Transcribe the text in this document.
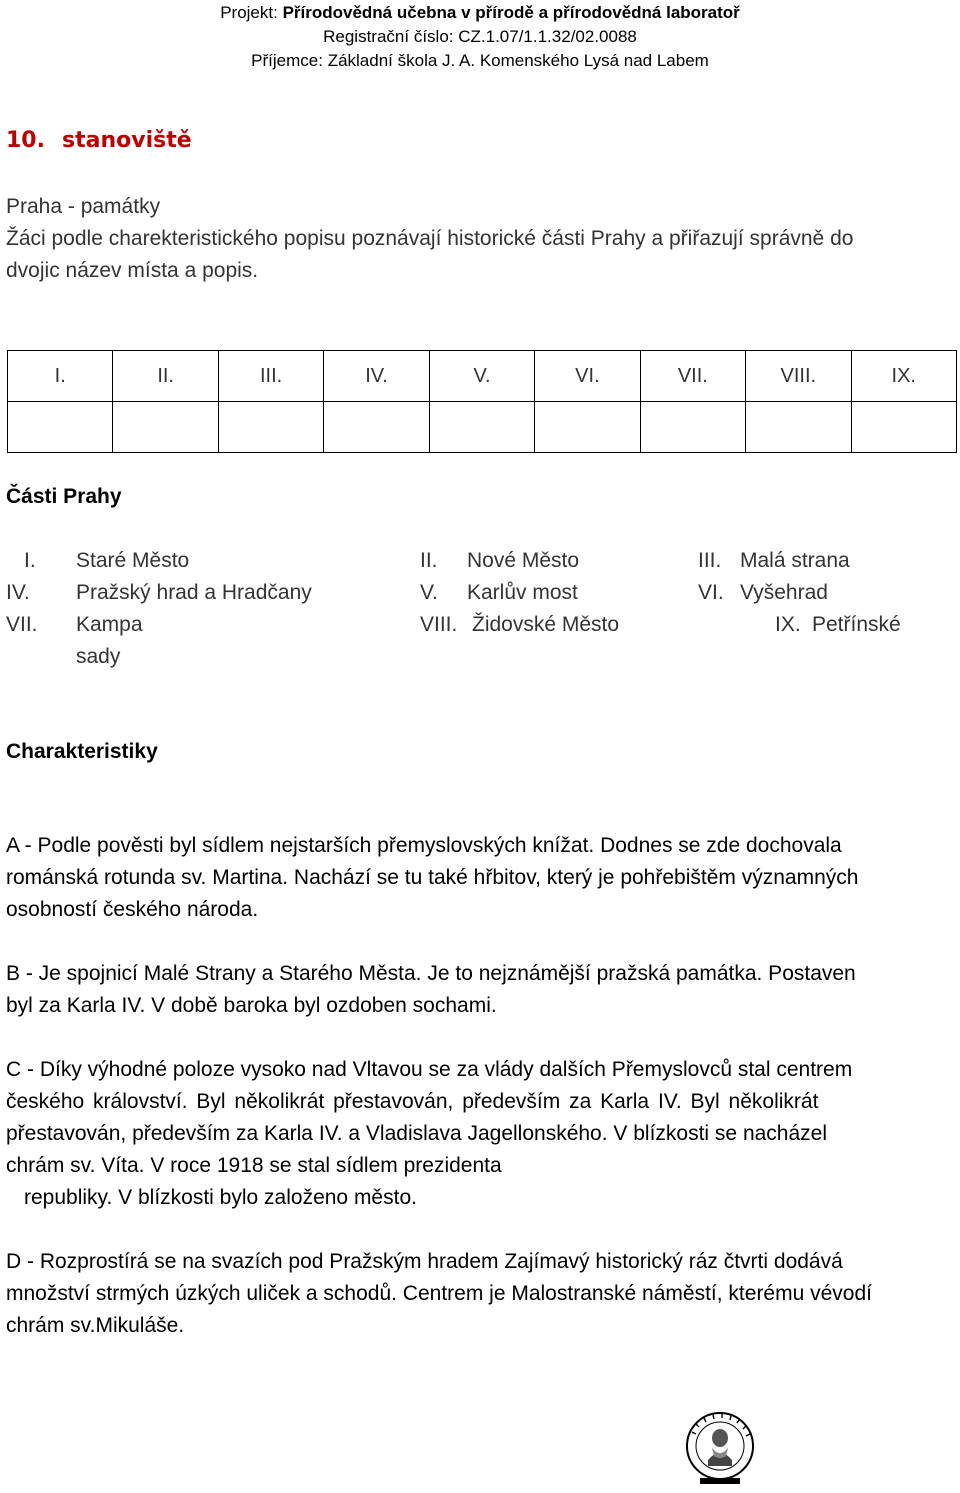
Projekt: Přírodovědná učebna v přírodě a přírodovědná laboratoř
Registrační číslo: CZ.1.07/1.1.32/02.0088
Příjemce: Základní škola J. A. Komenského Lysá nad Labem
10. stanoviště
Praha - památky
Žáci podle charekteristického popisu poznávají historické části Prahy a přiřazují správně do
dvojic název místa a popis.
I.	II.	III.	IV.	V.	VI.	VII.	VIII.	IX.

Části Prahy
I. Staré Město	II. Nové Město	III. Malá strana
IV. Pražský hrad a Hradčany	V. Karlův most	VI. Vyšehrad
VII. Kampa	VIII. Židovské Město	IX. Petřínské
sady
Charakteristiky
A - Podle pověsti byl sídlem nejstarších přemyslovských knížat. Dodnes se zde dochovala
románská rotunda sv. Martina. Nachází se tu také hřbitov, který je pohřebištěm významných
osobností českého národa.
B - Je spojnicí Malé Strany a Starého Města. Je to nejznámější pražská památka. Postaven
byl za Karla IV. V době baroka byl ozdoben sochami.
C - Díky výhodné poloze vysoko nad Vltavou se za vlády dalších Přemyslovců stal centrem
českého království. Byl několikrát přestavován, především za Karla IV. Byl několikrát
přestavován, především za Karla IV. a Vladislava Jagellonského. V blízkosti se nacházel
chrám sv. Víta. V roce 1918 se stal sídlem prezidenta
republiky. V blízkosti bylo založeno město.
D - Rozprostírá se na svazích pod Pražským hradem Zajímavý historický ráz čtvrti dodává
množství strmých úzkých uliček a schodů. Centrem je Malostranské náměstí, kterému vévodí
chrám sv.Mikuláše.
